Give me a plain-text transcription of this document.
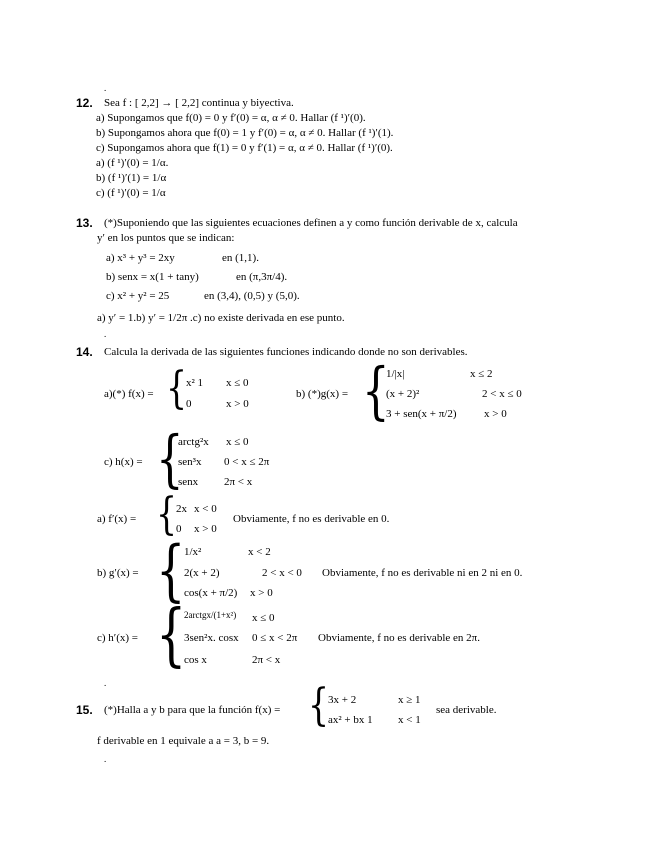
.
.
.
.
12. Sea f : [ 2,2] → [ 2,2] continua y biyectiva.
a) Supongamos que f(0) = 0 y f′(0) = α, α ≠ 0. Hallar (f ¹)′(0).
b) Supongamos ahora que f(0) = 1 y f′(0) = α, α ≠ 0. Hallar (f ¹)′(1).
c) Supongamos ahora que f(1) = 0 y f′(1) = α, α ≠ 0. Hallar (f ¹)′(0).
a) (f ¹)′(0) = 1/α.
b) (f ¹)′(1) = 1/α
c) (f ¹)′(0) = 1/α
13. (*)Suponiendo que las siguientes ecuaciones definen a y como función derivable de x, calcula
y′ en los puntos que se indican:
a) x³ + y³ = 2xy	en (1,1).
b) senx = x(1 + tany)	en (π,3π/4).
c) x² + y² = 25	en (3,4), (0,5) y (5,0).
a) y′ = 1.b) y′ = 1/2π .c) no existe derivada en ese punto.
14. Calcula la derivada de las siguientes funciones indicando donde no son derivables.
a)(*) f(x) = { x² 1 x ≤ 0
0	x > 0
b) (*)g(x) = {
1/|x|	x ≤ 2
(x + 2)²	2 < x ≤ 0
3 + sen(x + π/2) x > 0
c) h(x) = {
arctg²x x ≤ 0
sen³x 0 < x ≤ 2π
senx 2π < x
a) f′(x) = { 2x x < 0
0 x > 0
Obviamente, f no es derivable en 0.
b) g′(x) = {
1/x²	x < 2
2(x + 2)	2 < x < 0
cos(x + π/2) x > 0
Obviamente, f no es derivable ni en 2 ni en 0.
c) h′(x) = {
2arctgx/(1+x²) x ≤ 0
3sen²x. cosx 0 ≤ x < 2π
cos x	2π < x
Obviamente, f no es derivable en 2π.
15. (*)Halla a y b para que la función f(x) = { 3x + 2	x ≥ 1
ax² + bx 1 x < 1
sea derivable.
f derivable en 1 equivale a a = 3, b = 9.
